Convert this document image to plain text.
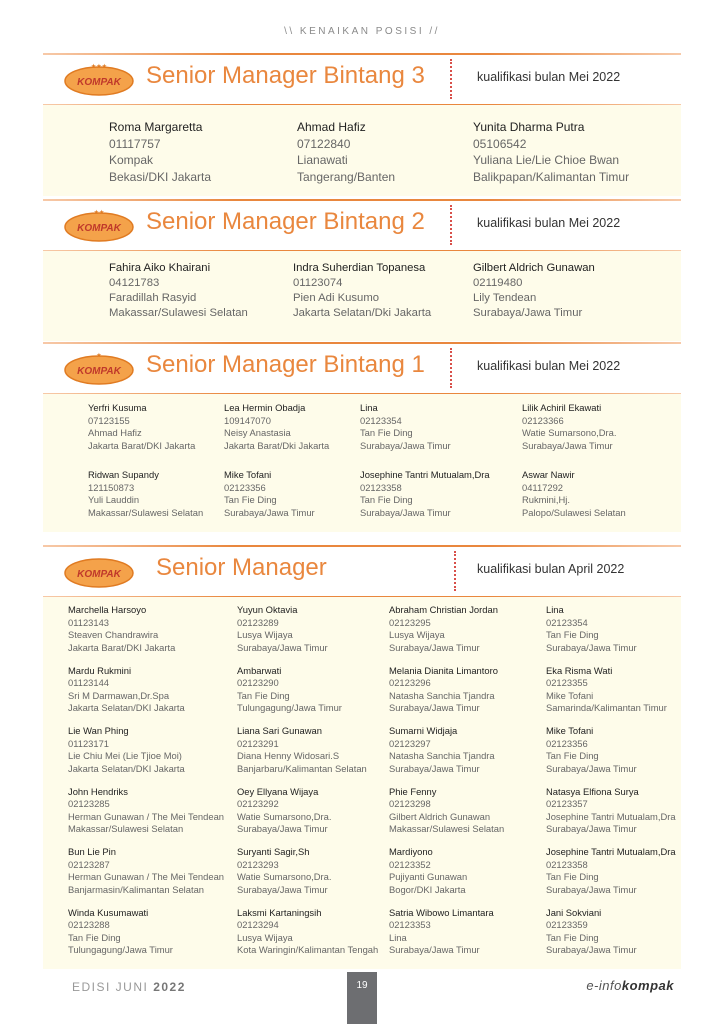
\\ KENAIKAN POSISI //
KOMPAK
★★★ Senior Manager Bintang 3	kualifikasi bulan Mei 2022
Roma Margaretta
01117757
Kompak
Bekasi/DKI Jakarta
Ahmad Hafiz
07122840
Lianawati
Tangerang/Banten
Yunita Dharma Putra
05106542
Yuliana Lie/Lie Chioe Bwan
Balikpapan/Kalimantan Timur
KOMPAK
★★ Senior Manager Bintang 2	kualifikasi bulan Mei 2022
Fahira Aiko Khairani
04121783
Faradillah Rasyid
Makassar/Sulawesi Selatan
Indra Suherdian Topanesa
01123074
Pien Adi Kusumo
Jakarta Selatan/Dki Jakarta
Gilbert Aldrich Gunawan
02119480
Lily Tendean
Surabaya/Jawa Timur
KOMPAK
★ Senior Manager Bintang 1	kualifikasi bulan Mei 2022
Yerfri Kusuma
07123155
Ahmad Hafiz
Jakarta Barat/DKI Jakarta
Lea Hermin Obadja
109147070
Neisy Anastasia
Jakarta Barat/Dki Jakarta
Lina
02123354
Tan Fie Ding
Surabaya/Jawa Timur
Lilik Achiril Ekawati
02123366
Watie Sumarsono,Dra.
Surabaya/Jawa Timur
Ridwan Supandy
121150873
Yuli Lauddin
Makassar/Sulawesi Selatan
Mike Tofani
02123356
Tan Fie Ding
Surabaya/Jawa Timur
Josephine Tantri Mutualam,Dra
02123358
Tan Fie Ding
Surabaya/Jawa Timur
Aswar Nawir
04117292
Rukmini,Hj.
Palopo/Sulawesi Selatan
KOMPAK Senior Manager	kualifikasi bulan April 2022
Marchella Harsoyo
01123143
Steaven Chandrawira
Jakarta Barat/DKI Jakarta
Yuyun Oktavia
02123289
Lusya Wijaya
Surabaya/Jawa Timur
Abraham Christian Jordan
02123295
Lusya Wijaya
Surabaya/Jawa Timur
Lina
02123354
Tan Fie Ding
Surabaya/Jawa Timur
Mardu Rukmini
01123144
Sri M Darmawan,Dr.Spa
Jakarta Selatan/DKI Jakarta
Ambarwati
02123290
Tan Fie Ding
Tulungagung/Jawa Timur
Melania Dianita Limantoro
02123296
Natasha Sanchia Tjandra
Surabaya/Jawa Timur
Eka Risma Wati
02123355
Mike Tofani
Samarinda/Kalimantan Timur
Lie Wan Phing
01123171
Lie Chiu Mei (Lie Tjioe Moi)
Jakarta Selatan/DKI Jakarta
Liana Sari Gunawan
02123291
Diana Henny Widosari.S
Banjarbaru/Kalimantan Selatan
Sumarni Widjaja
02123297
Natasha Sanchia Tjandra
Surabaya/Jawa Timur
Mike Tofani
02123356
Tan Fie Ding
Surabaya/Jawa Timur
John Hendriks
02123285
Herman Gunawan / The Mei Tendean
Makassar/Sulawesi Selatan
Oey Ellyana Wijaya
02123292
Watie Sumarsono,Dra.
Surabaya/Jawa Timur
Phie Fenny
02123298
Gilbert Aldrich Gunawan
Makassar/Sulawesi Selatan
Natasya Elfiona Surya
02123357
Josephine Tantri Mutualam,Dra
Surabaya/Jawa Timur
Bun Lie Pin
02123287
Herman Gunawan / The Mei Tendean
Banjarmasin/Kalimantan Selatan
Suryanti Sagir,Sh
02123293
Watie Sumarsono,Dra.
Surabaya/Jawa Timur
Mardiyono
02123352
Pujiyanti Gunawan
Bogor/DKI Jakarta
Josephine Tantri Mutualam,Dra
02123358
Tan Fie Ding
Surabaya/Jawa Timur
Winda Kusumawati
02123288
Tan Fie Ding
Tulungagung/Jawa Timur
Laksmi Kartaningsih
02123294
Lusya Wijaya
Kota Waringin/Kalimantan Tengah
Satria Wibowo Limantara
02123353
Lina
Surabaya/Jawa Timur
Jani Sokviani
02123359
Tan Fie Ding
Surabaya/Jawa Timur
EDISI JUNI 2022	19	e-infokompak
